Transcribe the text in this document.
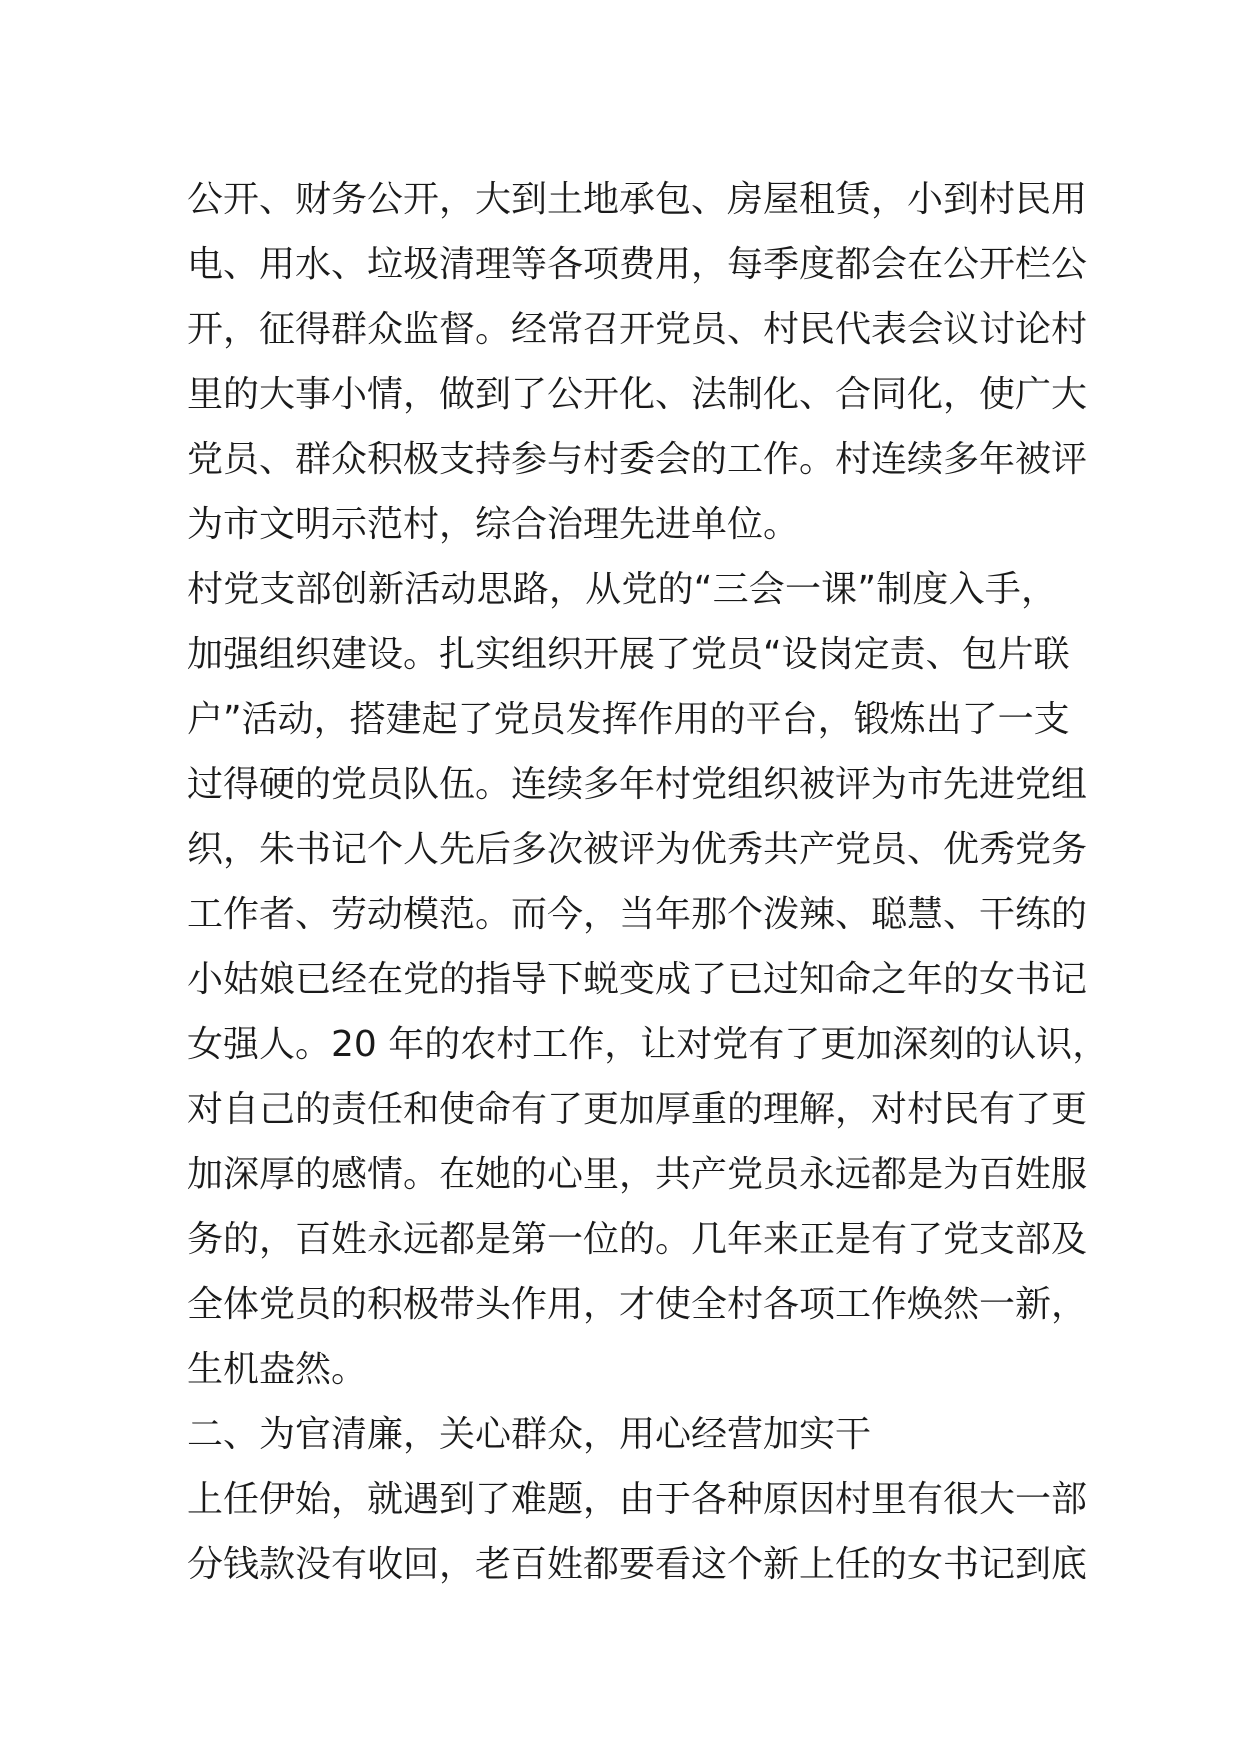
公开、财务公开，大到土地承包、房屋租赁，小到村民用
电、用水、垃圾清理等各项费用，每季度都会在公开栏公
开，征得群众监督。经常召开党员、村民代表会议讨论村
里的大事小情，做到了公开化、法制化、合同化，使广大
党员、群众积极支持参与村委会的工作。村连续多年被评
为市文明示范村，综合治理先进单位。
村党支部创新活动思路，从党的“三会一课”制度入手，
加强组织建设。扎实组织开展了党员“设岗定责、包片联
户”活动，搭建起了党员发挥作用的平台，锻炼出了一支
过得硬的党员队伍。连续多年村党组织被评为市先进党组
织，朱书记个人先后多次被评为优秀共产党员、优秀党务
工作者、劳动模范。而今，当年那个泼辣、聪慧、干练的
小姑娘已经在党的指导下蜕变成了已过知命之年的女书记
女强人。20 年的农村工作，让对党有了更加深刻的认识，
对自己的责任和使命有了更加厚重的理解，对村民有了更
加深厚的感情。在她的心里，共产党员永远都是为百姓服
务的，百姓永远都是第一位的。几年来正是有了党支部及
全体党员的积极带头作用，才使全村各项工作焕然一新，
生机盎然。
二、为官清廉，关心群众，用心经营加实干
上任伊始，就遇到了难题，由于各种原因村里有很大一部
分钱款没有收回，老百姓都要看这个新上任的女书记到底
